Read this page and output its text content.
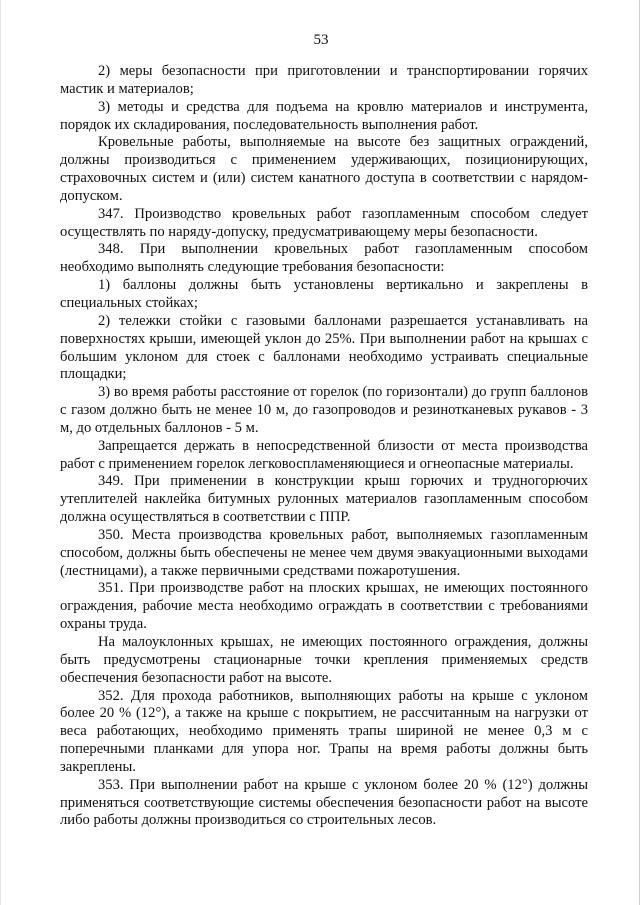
53

2) меры безопасности при приготовлении и транспортировании горячих мастик и материалов;

3) методы и средства для подъема на кровлю материалов и инструмента, порядок их складирования, последовательность выполнения работ.

Кровельные работы, выполняемые на высоте без защитных ограждений, должны производиться с применением удерживающих, позиционирующих, страховочных систем и (или) систем канатного доступа в соответствии с нарядом-допуском.

347. Производство кровельных работ газопламенным способом следует осуществлять по наряду-допуску, предусматривающему меры безопасности.

348. При выполнении кровельных работ газопламенным способом необходимо выполнять следующие требования безопасности:

1) баллоны должны быть установлены вертикально и закреплены в специальных стойках;

2) тележки стойки с газовыми баллонами разрешается устанавливать на поверхностях крыши, имеющей уклон до 25%. При выполнении работ на крышах с большим уклоном для стоек с баллонами необходимо устраивать специальные площадки;

3) во время работы расстояние от горелок (по горизонтали) до групп баллонов с газом должно быть не менее 10 м, до газопроводов и резинотканевых рукавов - 3 м, до отдельных баллонов - 5 м.

Запрещается держать в непосредственной близости от места производства работ с применением горелок легковоспламеняющиеся и огнеопасные материалы.

349. При применении в конструкции крыш горючих и трудногорючих утеплителей наклейка битумных рулонных материалов газопламенным способом должна осуществляться в соответствии с ППР.

350. Места производства кровельных работ, выполняемых газопламенным способом, должны быть обеспечены не менее чем двумя эвакуационными выходами (лестницами), а также первичными средствами пожаротушения.

351. При производстве работ на плоских крышах, не имеющих постоянного ограждения, рабочие места необходимо ограждать в соответствии с требованиями охраны труда.

На малоуклонных крышах, не имеющих постоянного ограждения, должны быть предусмотрены стационарные точки крепления применяемых средств обеспечения безопасности работ на высоте.

352. Для прохода работников, выполняющих работы на крыше с уклоном более 20 % (12°), а также на крыше с покрытием, не рассчитанным на нагрузки от веса работающих, необходимо применять трапы шириной не менее 0,3 м с поперечными планками для упора ног. Трапы на время работы должны быть закреплены.

353. При выполнении работ на крыше с уклоном более 20 % (12°) должны применяться соответствующие системы обеспечения безопасности работ на высоте либо работы должны производиться со строительных лесов.
